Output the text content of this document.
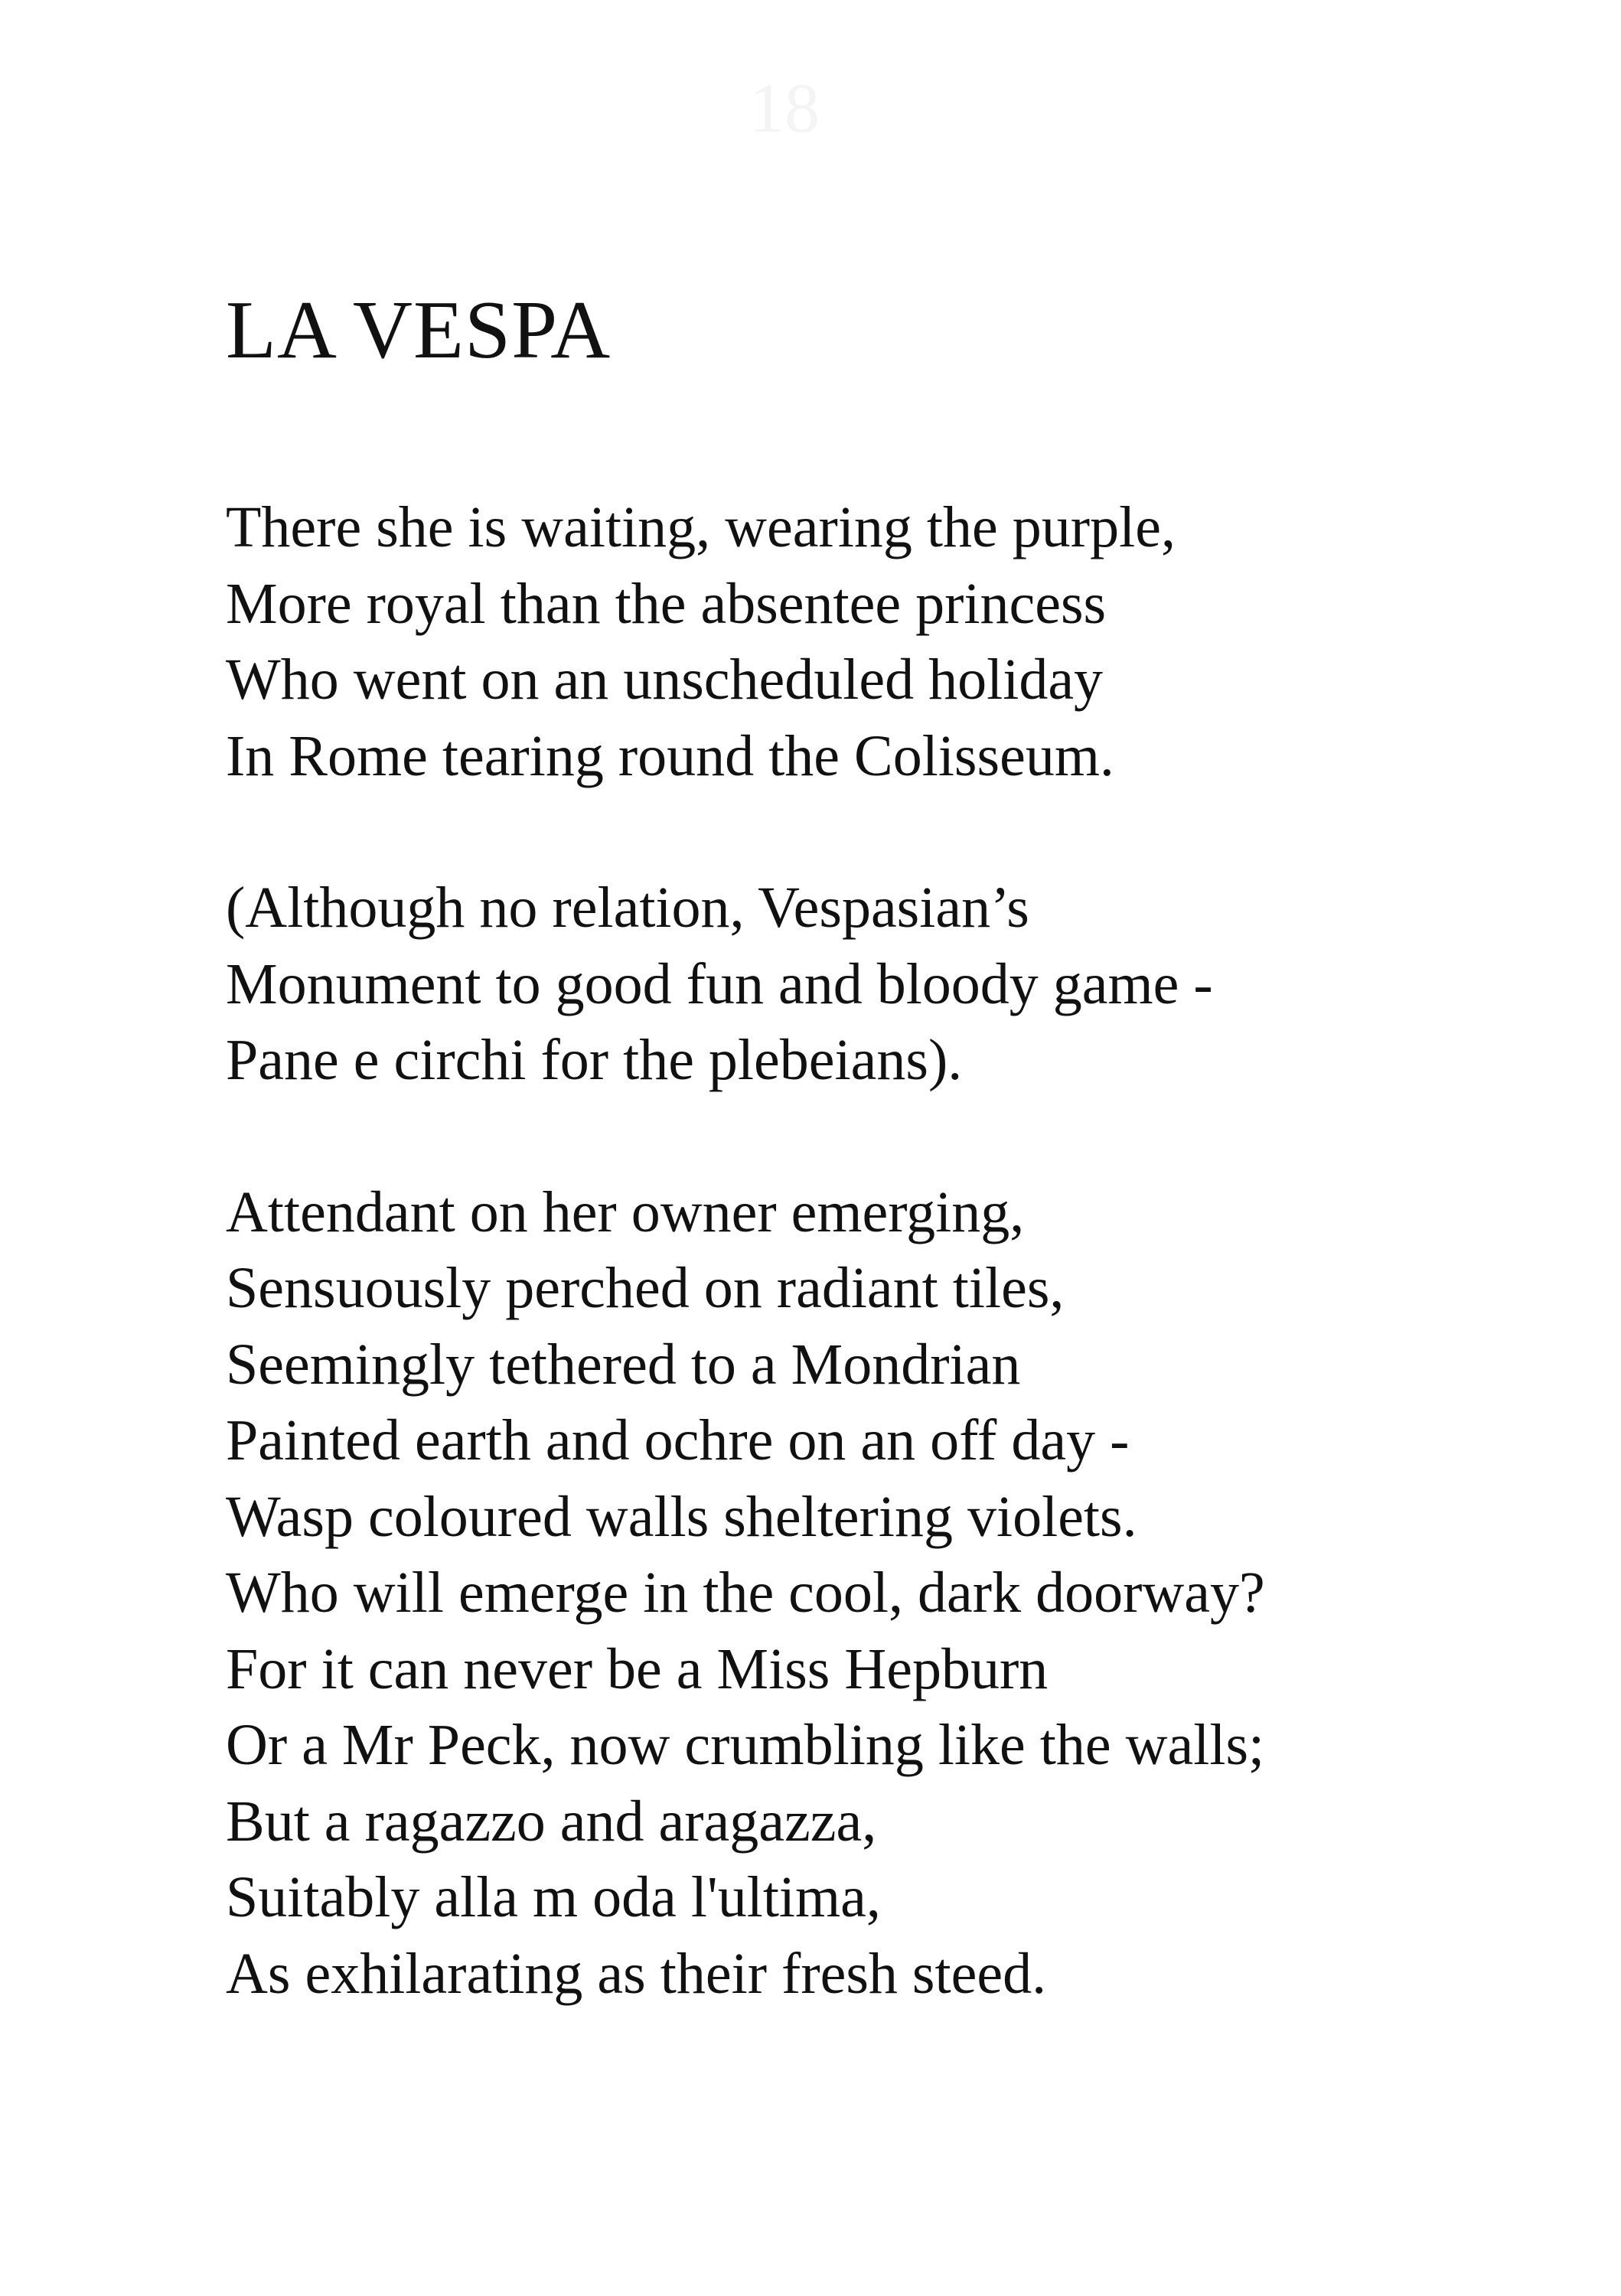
18
LA VESPA
There she is waiting, wearing the purple,
More royal than the absentee princess
Who went on an unscheduled holiday
In Rome tearing round the Colisseum.
(Although no relation, Vespasian’s
Monument to good fun and bloody game -
Pane e circhi for the plebeians).
Attendant on her owner emerging,
Sensuously perched on radiant tiles,
Seemingly tethered to a Mondrian
Painted earth and ochre on an off day -
Wasp coloured walls sheltering violets.
Who will emerge in the cool, dark doorway?
For it can never be a Miss Hepburn
Or a Mr Peck, now crumbling like the walls;
But a ragazzo and aragazza,
Suitably alla m oda l'ultima,
As exhilarating as their fresh steed.
